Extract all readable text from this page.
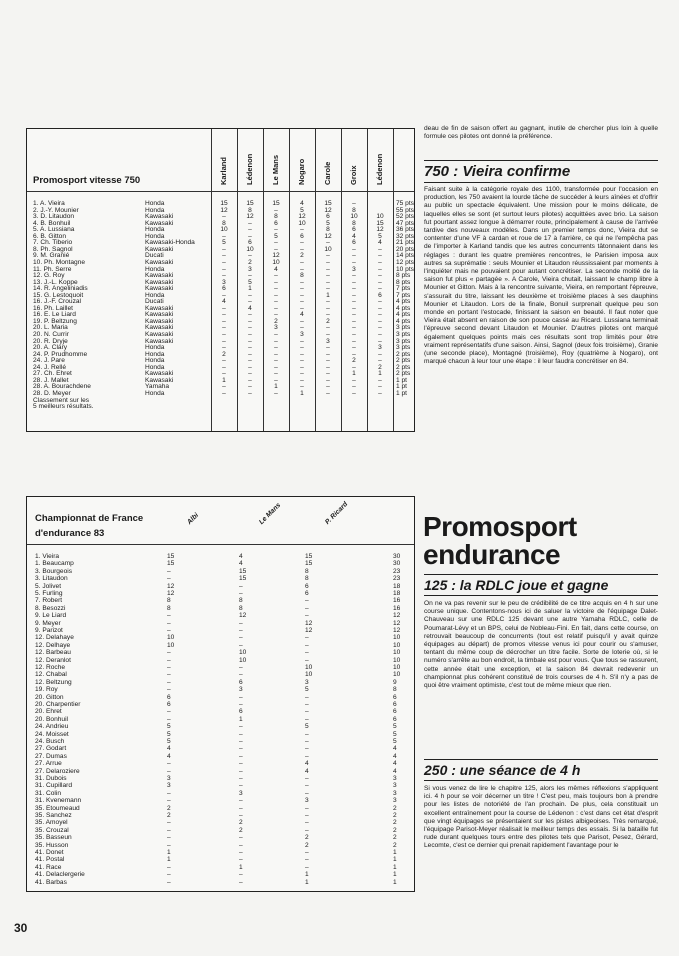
Promosport vitesse 750	Karland Lédenon Le Mans Nogaro Carole Groix Lédenon
1. A. Vieira	Honda	15	15	15	4	15	–	75 pts
2. J.-Y. Mounier	Honda	12	8	–	5	12	8	55 pts
3. D. Litaudon	Kawasaki	–	12	8	12	6	10	10	52 pts
4. B. Bonhuil	Kawasaki	8	–	6	10	5	8	15	47 pts
5. A. Lussiana	Honda	10	–	–	–	8	6	12	36 pts
6. B. Gitton	Honda	–	–	5	6	12	4	5	32 pts
7. Ch. Tiberio	Kawasaki-Honda	5	6	–	–	–	6	4	21 pts
8. Ph. Sagnol	Kawasaki	–	10	–	–	10	–	–	20 pts
9. M. Granié	Ducati	–	–	12	2	–	–	–	14 pts
10. Ph. Montagne	Kawasaki	–	2	10	–	–	–	–	12 pts
11. Ph. Serre	Honda	–	3	4	–	–	3	–	10 pts
12. G. Roy	Kawasaki	–	–	–	8	–	–	–	8 pts
13. J.-L. Koppe	Kawasaki	3	5	–	–	–	–	–	8 pts
14. R. Angeliniadis	Kawasaki	6	1	–	–	–	–	–	7 pts
15. G. Lestoquoit	Honda	–	–	–	–	1	–	6	7 pts
16. J.-F. Crouzal	Ducati	4	–	–	–	–	–	–	4 pts
16. Ph. Laillet	Kawasaki	–	4	–	–	–	–	–	4 pts
16. E. Le Liard	Kawasaki	–	–	–	4	–	–	–	4 pts
19. P. Beltzung	Kawasaki	–	–	2	–	2	–	–	4 pts
20. L. Maria	Kawasaki	–	–	3	–	–	–	–	3 pts
20. N. Currir	Kawasaki	–	–	–	3	–	–	–	3 pts
20. R. Dryje	Kawasaki	–	–	–	–	3	–	–	3 pts
20. A. Clary	Honda	–	–	–	–	–	–	3	3 pts
24. P. Prudhomme	Honda	2	–	–	–	–	–	–	2 pts
24. J. Pare	Honda	–	–	–	–	–	2	–	2 pts
24. J. Rellé	Honda	–	–	–	–	–	–	2	2 pts
27. Ch. Ehret	Kawasaki	–	–	–	–	–	1	1	2 pts
28. J. Mallet	Kawasaki	1	–	–	–	–	–	–	1 pt
28. A. Bourachdene	Yamaha	–	–	1	–	–	–	–	1 pt
28. D. Meyer	Honda	–	–	–	1	–	–	–	1 pt
Classement sur les
5 meilleurs résultats.
Championnat de France
d'endurance 83
Albi	Le Mans	P. Ricard
1. Vieira	15	4	15	30
1. Beaucamp	15	4	15	30
3. Bourgeois	–	15	8	23
3. Litaudon	–	15	8	23
5. Jolivet	12	–	6	18
5. Furling	12	–	6	18
7. Robert	8	8	–	16
8. Besozzi	8	8	–	16
9. Le Liard	–	12	–	12
9. Meyer	–	–	12	12
9. Parizot	–	–	12	12
12. Delahaye	10	–	–	10
12. Delhaye	10	–	–	10
12. Barbeau	–	10	–	10
12. Deranlot	–	10	–	10
12. Roche	–	–	10	10
12. Chabal	–	–	10	10
12. Beltzung	–	6	3	9
19. Roy	–	3	5	8
20. Gitton	6	–	–	6
20. Charpentier	6	–	–	6
20. Ehret	–	6	–	6
20. Bonhuil	–	1	–	6
24. Andrieu	5	–	5	5
24. Moisset	5	–	–	5
24. Busch	5	–	–	5
27. Godart	4	–	–	4
27. Dumas	4	–	–	4
27. Arrue	–	–	4	4
27. Delaroziere	–	–	4	4
31. Dubois	3	–	–	3
31. Cupillard	3	–	–	3
31. Colin	–	3	–	3
31. Kvenemann	–	–	3	3
35. Etoumeaud	2	–	–	2
35. Sanchez	2	–	–	2
35. Amoyel	–	2	–	2
35. Crouzal	–	2	–	2
35. Basseun	–	–	2	2
35. Husson	–	–	2	2
41. Donet	1	–	–	1
41. Postal	1	–	–	1
41. Race	–	1	–	1
41. Delaclergerie	–	–	1	1
41. Barbas	–	–	1	1
30
deau de fin de saison offert au gagnant, inutile de chercher plus loin à quelle formule ces pilotes ont donné la préférence.
750 : Vieira confirme
Faisant suite à la catégorie royale des 1100, transformée pour l'occasion en production, les 750 avaient la lourde tâche de succéder à leurs aînées et d'offrir au public un spectacle équivalent. Une mission pour le moins délicate, de laquelles elles se sont (et surtout leurs pilotes) acquittées avec brio. La saison fut pourtant assez longue à démarrer route, principalement à cause de l'arrivée tardive des nouveaux modèles. Dans un premier temps donc, Vieira dut se contenter d'une VF à cardan et roue de 17 à l'arrière, ce qui ne l'empêcha pas de l'importer à Karland tandis que les autres concurrents tâtonnaient dans les réglages : durant les quatre premières rencontres, le Parisien imposa aux autres sa suprématie : seuls Mounier et Litaudon réussissaient par moments à l'inquiéter mais ne pouvaient pour autant concrétiser. La seconde moitié de la saison fut plus « partagée ». A Carole, Vieira chutait, laissant le champ libre à Mounier et Gitton. Mais à la rencontre suivante, Vieira, en remportant l'épreuve, s'assurait du titre, laissant les deuxième et troisième places à ses dauphins Mounier et Litaudon. Lors de la finale, Bonuil surprenait quelque peu son monde en portant l'estocade, finissant la saison en beauté. Il faut noter que Vieira était absent en raison de son pouce cassé au Ricard. Lussiana terminait l'épreuve second devant Litaudon et Mounier. D'autres pilotes ont marqué également quelques points mais ces résultats sont trop limités pour être vraiment représentatifs d'une saison. Ainsi, Sagnol (deux fois troisième), Granie (une seconde place), Montagné (troisième), Roy (quatrième à Nogaro), ont marqué chacun à leur tour une étape : il leur faudra concrétiser en 84.
Promosport
endurance
125 : la RDLC joue et gagne
On ne va pas revenir sur le peu de crédibilité de ce titre acquis en 4 h sur une course unique. Contentons-nous ici de saluer la victoire de l'équipage Dalet-Chauveau sur une RDLC 125 devant une autre Yamaha RDLC, celle de Poumarat-Lévy et un BPS, celui de Nobleau-Fini. En fait, dans cette course, on retrouvait beaucoup de concurrents (tout est relatif puisqu'il y avait quinze équipages au départ) de promos vitesse venus ici pour courir ou s'amuser, tentant du même coup de décrocher un titre facile. Sorte de loterie où, si le numéro s'arrête au bon endroit, la timbale est pour vous. Que tous se rassurent, cette année était une exception, et la saison 84 devrait redevenir un championnat plus cohérent constitué de trois courses de 4 h. S'il n'y a pas de quoi être vraiment optimiste, c'est tout de même mieux que rien.
250 : une séance de 4 h
Si vous venez de lire le chapitre 125, alors les mêmes réflexions s'appliquent ici. 4 h pour se voir décerner un titre ! C'est peu, mais toujours bon à prendre pour les listes de notoriété de l'an prochain. De plus, cela constituait un excellent entraînement pour la course de Lédenon : c'est dans cet état d'esprit que vingt équipages se présentaient sur les pistes albigeoises. Très remarqué, l'équipage Parisot-Meyer réalisait le meilleur temps des essais. Si la bataille fut rude durant quelques tours entre des pilotes tels que Parisot, Pesez, Gérard, Lecomte, c'est ce dernier qui prenait rapidement l'avantage pour le
